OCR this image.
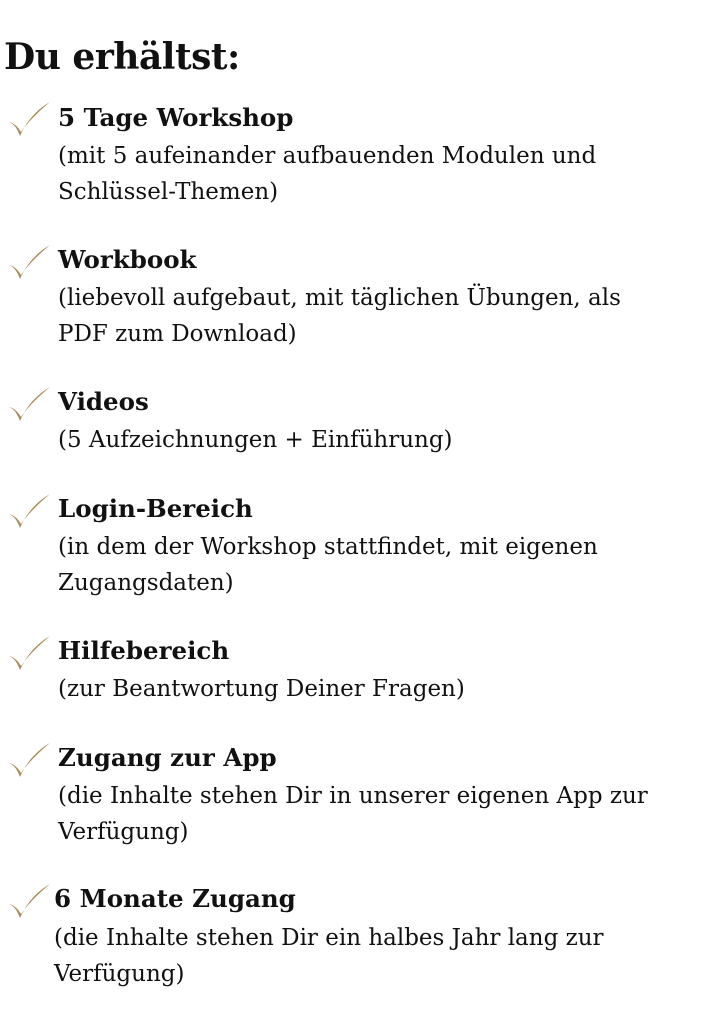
Du erhältst:

5 Tage Workshop

(mit 5 aufeinander aufbauenden Modulen und
Schlüssel-Themen)

Workbook

(liebevoll aufgebaut, mit täglichen Übungen, als
PDF zum Download)

Videos

(5 Aufzeichnungen + Einführung)

Login-Bereich

(in dem der Workshop stattfindet, mit eigenen
Zugangsdaten)

Hilfebereich

(zur Beantwortung Deiner Fragen)

Zugang zur App

(die Inhalte stehen Dir in unserer eigenen App zur
Verfügung)

6 Monate Zugang

(die Inhalte stehen Dir ein halbes Jahr lang zur
Verfügung)
